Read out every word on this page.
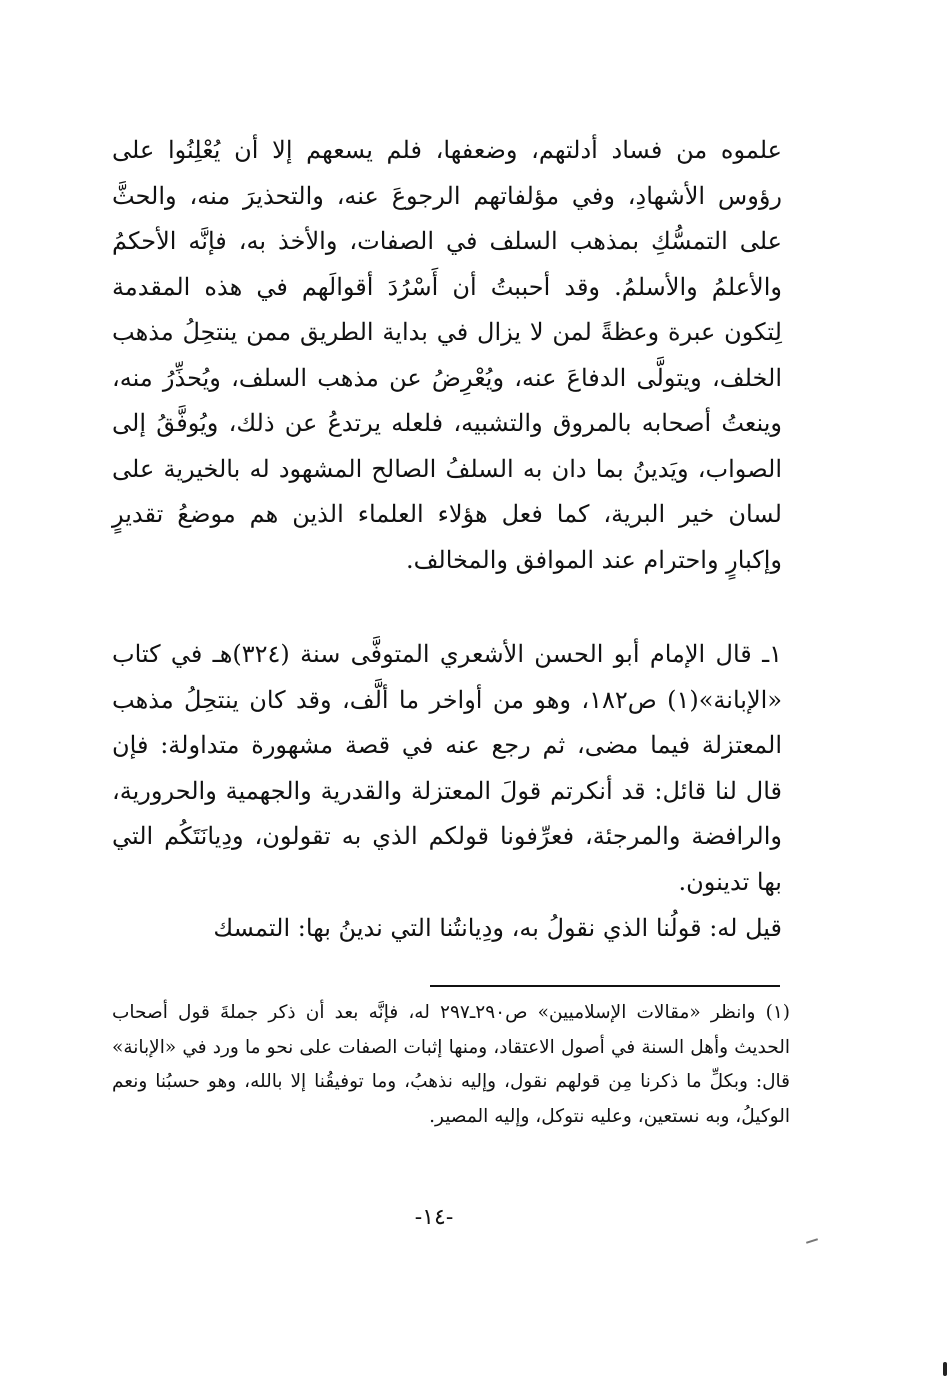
علموه من فساد أدلتهم، وضعفها، فلم يسعهم إلا أن يُعْلِنُوا على رؤوس الأشهادِ، وفي مؤلفاتهم الرجوعَ عنه، والتحذيرَ منه، والحثَّ على التمسُّكِ بمذهب السلف في الصفات، والأخذ به، فإنَّه الأحكمُ والأعلمُ والأسلمُ. وقد أحببتُ أن أَسْرُدَ أقوالَهم في هذه المقدمة لِتكون عبرة وعظةً لمن لا يزال في بداية الطريق ممن ينتحِلُ مذهب الخلف، ويتولَّى الدفاعَ عنه، ويُعْرِضُ عن مذهب السلف، ويُحذِّرُ منه، وينعتُ أصحابه بالمروق والتشبيه، فلعله يرتدعُ عن ذلك، ويُوفَّقُ إلى الصواب، ويَدينُ بما دان به السلفُ الصالح المشهود له بالخيرية على لسان خير البرية، كما فعل هؤلاء العلماء الذين هم موضعُ تقديرٍ وإكبارٍ واحترام عند الموافق والمخالف.

١ـ قال الإمام أبو الحسن الأشعري المتوفَّى سنة (٣٢٤)هـ في كتاب «الإبانة»(١) ص١٨٢، وهو من أواخر ما ألَّف، وقد كان ينتحِلُ مذهب المعتزلة فيما مضى، ثم رجع عنه في قصة مشهورة متداولة: فإن قال لنا قائل: قد أنكرتم قولَ المعتزلة والقدرية والجهمية والحرورية، والرافضة والمرجئة، فعرِّفونا قولكم الذي به تقولون، ودِيانَتَكُم التي بها تدينون.

قيل له: قولُنا الذي نقولُ به، ودِيانتُنا التي ندينُ بها: التمسك

(١) وانظر «مقالات الإسلاميين» ص٢٩٠ـ٢٩٧ له، فإنَّه بعد أن ذكر جملةَ قول أصحاب الحديث وأهل السنة في أصول الاعتقاد، ومنها إثبات الصفات على نحو ما ورد في «الإبانة» قال: وبكلِّ ما ذكرنا مِن قولهم نقول، وإليه نذهبُ، وما توفيقُنا إلا بالله، وهو حسبُنا ونعم الوكيلُ، وبه نستعين، وعليه نتوكل، وإليه المصير.

-١٤-
